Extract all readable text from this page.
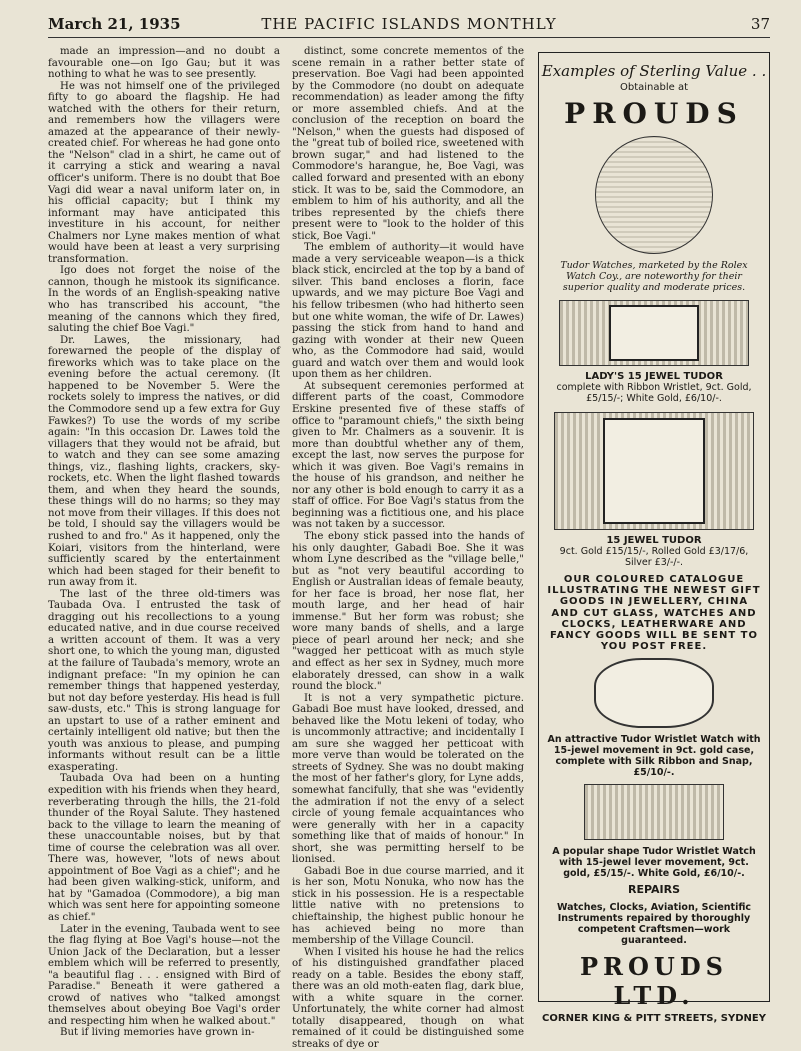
March 21, 1935	THE PACIFIC ISLANDS MONTHLY	37

made an impression—and no doubt a favourable one—on Igo Gau; but it was nothing to what he was to see presently.

He was not himself one of the privileged fifty to go aboard the flagship. He had watched with the others for their return, and remembers how the villagers were amazed at the appearance of their newly-created chief. For whereas he had gone onto the "Nelson" clad in a shirt, he came out of it carrying a stick and wearing a naval officer's uniform. There is no doubt that Boe Vagi did wear a naval uniform later on, in his official capacity; but I think my informant may have anticipated this investiture in his account, for neither Chalmers nor Lyne makes mention of what would have been at least a very surprising transformation.

Igo does not forget the noise of the cannon, though he mistook its significance. In the words of an English-speaking native who has transcribed his account, "the meaning of the cannons which they fired, saluting the chief Boe Vagi."

Dr. Lawes, the missionary, had forewarned the people of the display of fireworks which was to take place on the evening before the actual ceremony. (It happened to be November 5. Were the rockets solely to impress the natives, or did the Commodore send up a few extra for Guy Fawkes?) To use the words of my scribe again: "In this occasion Dr. Lawes told the villagers that they would not be afraid, but to watch and they can see some amazing things, viz., flashing lights, crackers, sky-rockets, etc. When the light flashed towards them, and when they heard the sounds, these things will do no harms; so they may not move from their villages. If this does not be told, I should say the villagers would be rushed to and fro." As it happened, only the Koiari, visitors from the hinterland, were sufficiently scared by the entertainment which had been staged for their benefit to run away from it.

The last of the three old-timers was Taubada Ova. I entrusted the task of dragging out his recollections to a young educated native, and in due course received a written account of them. It was a very short one, to which the young man, digusted at the failure of Taubada's memory, wrote an indignant preface: "In my opinion he can remember things that happened yesterday, but not day before yesterday. His head is full saw-dusts, etc." This is strong language for an upstart to use of a rather eminent and certainly intelligent old native; but then the youth was anxious to please, and pumping informants without result can be a little exasperating.

Taubada Ova had been on a hunting expedition with his friends when they heard, reverberating through the hills, the 21-fold thunder of the Royal Salute. They hastened back to the village to learn the meaning of these unaccountable noises, but by that time of course the celebration was all over. There was, however, "lots of news about appointment of Boe Vagi as a chief"; and he had been given walking-stick, uniform, and hat by "Gamadoa (Commodore), a big man which was sent here for appointing someone as chief."

Later in the evening, Taubada went to see the flag flying at Boe Vagi's house—not the Union Jack of the Declaration, but a lesser emblem which will be referred to presently, "a beautiful flag . . . ensigned with Bird of Paradise." Beneath it were gathered a crowd of natives who "talked amongst themselves about obeying Boe Vagi's order and respecting him when he walked about."

But if living memories have grown in-

distinct, some concrete mementos of the scene remain in a rather better state of preservation. Boe Vagi had been appointed by the Commodore (no doubt on adequate recommendation) as leader among the fifty or more assembled chiefs. And at the conclusion of the reception on board the "Nelson," when the guests had disposed of the "great tub of boiled rice, sweetened with brown sugar," and had listened to the Commodore's harangue, he, Boe Vagi, was called forward and presented with an ebony stick. It was to be, said the Commodore, an emblem to him of his authority, and all the tribes represented by the chiefs there present were to "look to the holder of this stick, Boe Vagi."

The emblem of authority—it would have made a very serviceable weapon—is a thick black stick, encircled at the top by a band of silver. This band encloses a florin, face upwards, and we may picture Boe Vagi and his fellow tribesmen (who had hitherto seen but one white woman, the wife of Dr. Lawes) passing the stick from hand to hand and gazing with wonder at their new Queen who, as the Commodore had said, would guard and watch over them and would look upon them as her children.

At subsequent ceremonies performed at different parts of the coast, Commodore Erskine presented five of these staffs of office to "paramount chiefs," the sixth being given to Mr. Chalmers as a souvenir. It is more than doubtful whether any of them, except the last, now serves the purpose for which it was given. Boe Vagi's remains in the house of his grandson, and neither he nor any other is bold enough to carry it as a staff of office. For Boe Vagi's status from the beginning was a fictitious one, and his place was not taken by a successor.

The ebony stick passed into the hands of his only daughter, Gabadi Boe. She it was whom Lyne described as the "village belle," but as "not very beautiful according to English or Australian ideas of female beauty, for her face is broad, her nose flat, her mouth large, and her head of hair immense." But her form was robust; she wore many bands of shells, and a large piece of pearl around her neck; and she "wagged her petticoat with as much style and effect as her sex in Sydney, much more elaborately dressed, can show in a walk round the block."

It is not a very sympathetic picture. Gabadi Boe must have looked, dressed, and behaved like the Motu lekeni of today, who is uncommonly attractive; and incidentally I am sure she wagged her petticoat with more verve than would be tolerated on the streets of Sydney. She was no doubt making the most of her father's glory, for Lyne adds, somewhat fancifully, that she was "evidently the admiration if not the envy of a select circle of young female acquaintances who were generally with her in a capacity something like that of maids of honour." In short, she was permitting herself to be lionised.

Gabadi Boe in due course married, and it is her son, Motu Nonuka, who now has the stick in his possession. He is a respectable little native with no pretensions to chieftainship, the highest public honour he has achieved being no more than membership of the Village Council.

When I visited his house he had the relics of his distinguished grandfather placed ready on a table. Besides the ebony staff, there was an old moth-eaten flag, dark blue, with a white square in the corner. Unfortunately, the white corner had almost totally disappeared, though on what remained of it could be distinguished some streaks of dye or

Examples of Sterling Value . .
Obtainable at
PROUDS
Tudor Watches, marketed by the Rolex Watch Coy., are noteworthy for their superior quality and moderate prices.
LADY'S 15 JEWEL TUDOR
complete with Ribbon Wristlet, 9ct. Gold, £5/15/-; White Gold, £6/10/-.
15 JEWEL TUDOR
9ct. Gold £15/15/-, Rolled Gold £3/17/6, Silver £3/-/-.
OUR COLOURED CATALOGUE ILLUSTRATING THE NEWEST GIFT GOODS IN JEWELLERY, CHINA AND CUT GLASS, WATCHES AND CLOCKS, LEATHERWARE AND FANCY GOODS WILL BE SENT TO YOU POST FREE.
An attractive Tudor Wristlet Watch with 15-jewel movement in 9ct. gold case, complete with Silk Ribbon and Snap, £5/10/-.
A popular shape Tudor Wristlet Watch with 15-jewel lever movement, 9ct. gold, £5/15/-. White Gold, £6/10/-.
REPAIRS
Watches, Clocks, Aviation, Scientific Instruments repaired by thoroughly competent Craftsmen—work guaranteed.
PROUDS LTD.
CORNER KING & PITT STREETS, SYDNEY
